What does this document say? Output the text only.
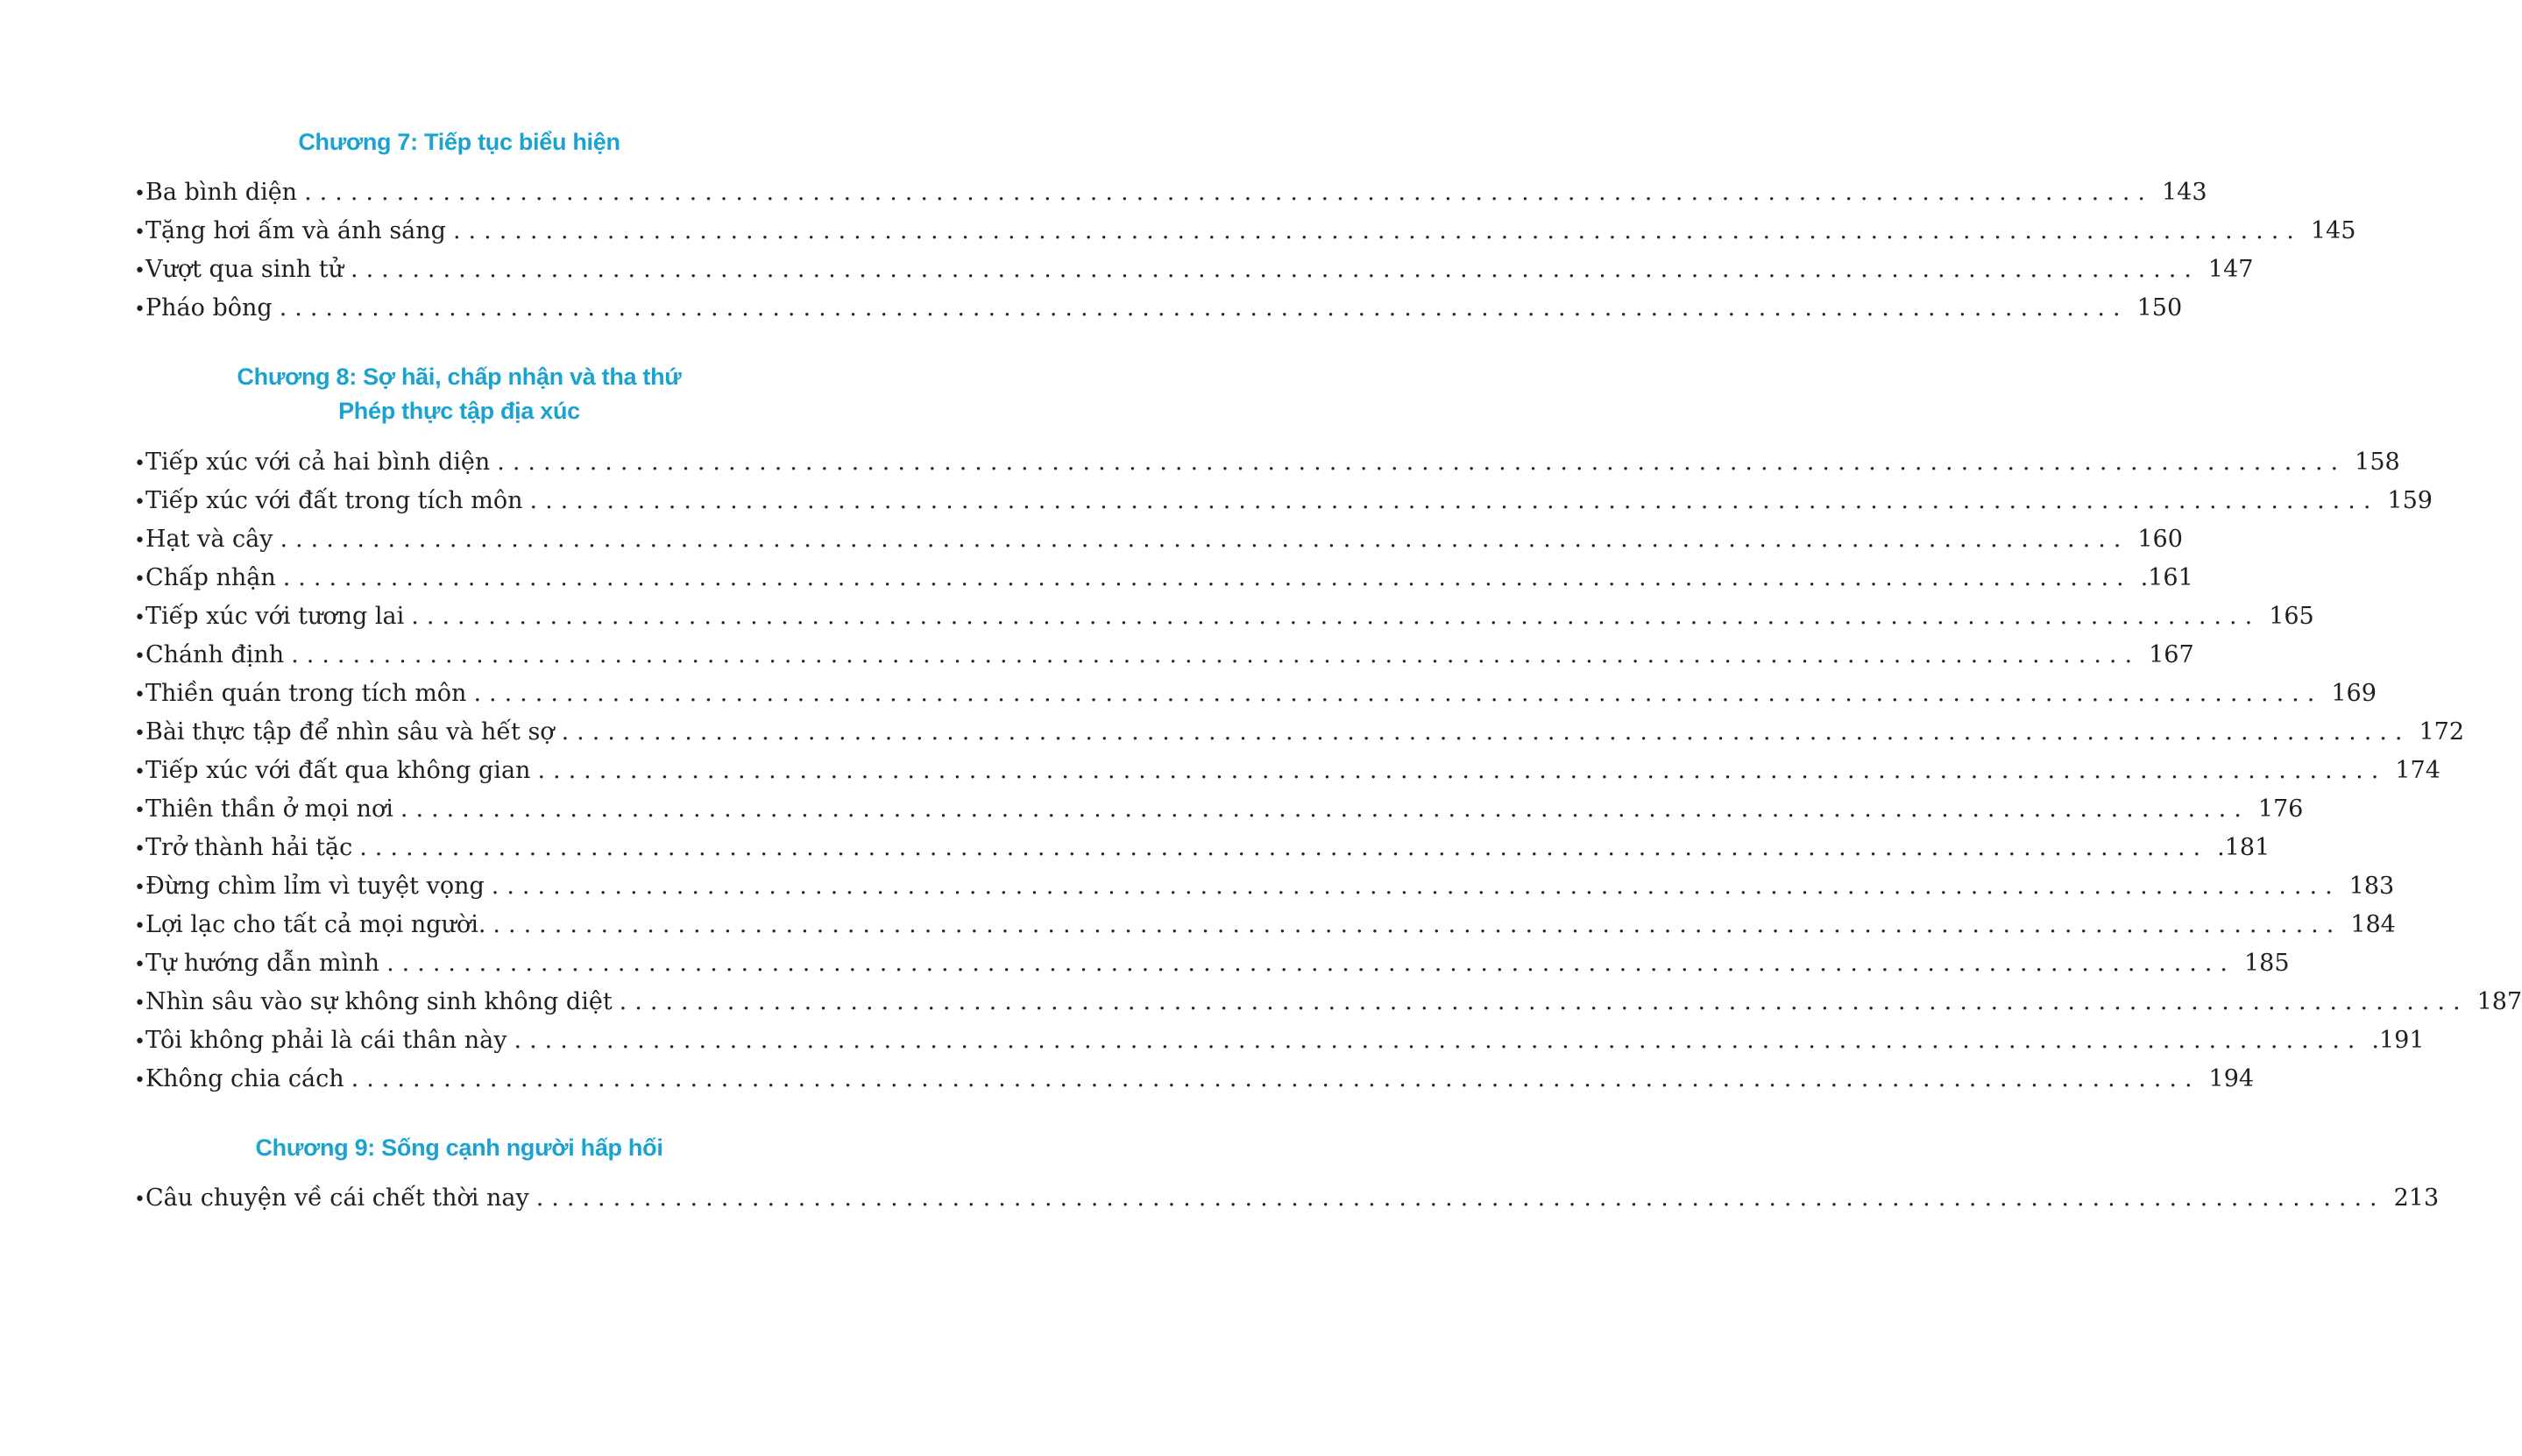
Chương 7: Tiếp tục biểu hiện
• Ba bình diện ........................................................................................................................ 143
• Tặng hơi ấm và ánh sáng ........................................................................................................................ 145
• Vượt qua sinh tử ........................................................................................................................ 147
• Pháo bông ........................................................................................................................ 150
Chương 8: Sợ hãi, chấp nhận và tha thứ
Phép thực tập địa xúc
• Tiếp xúc với cả hai bình diện ........................................................................................................................ 158
• Tiếp xúc với đất trong tích môn ........................................................................................................................ 159
• Hạt và cây ........................................................................................................................ 160
• Chấp nhận ........................................................................................................................ .161
• Tiếp xúc với tương lai ........................................................................................................................ 165
• Chánh định ........................................................................................................................ 167
• Thiền quán trong tích môn ........................................................................................................................ 169
• Bài thực tập để nhìn sâu và hết sợ ........................................................................................................................ 172
• Tiếp xúc với đất qua không gian ........................................................................................................................ 174
• Thiên thần ở mọi nơi ........................................................................................................................ 176
• Trở thành hải tặc ........................................................................................................................ .181
• Đừng chìm lỉm vì tuyệt vọng ........................................................................................................................ 183
• Lợi lạc cho tất cả mọi người. ........................................................................................................................ 184
• Tự hướng dẫn mình ........................................................................................................................ 185
• Nhìn sâu vào sự không sinh không diệt ........................................................................................................................ 187
• Tôi không phải là cái thân này ........................................................................................................................ .191
• Không chia cách ........................................................................................................................ 194
Chương 9: Sống cạnh người hấp hối
• Câu chuyện về cái chết thời nay ........................................................................................................................ 213
